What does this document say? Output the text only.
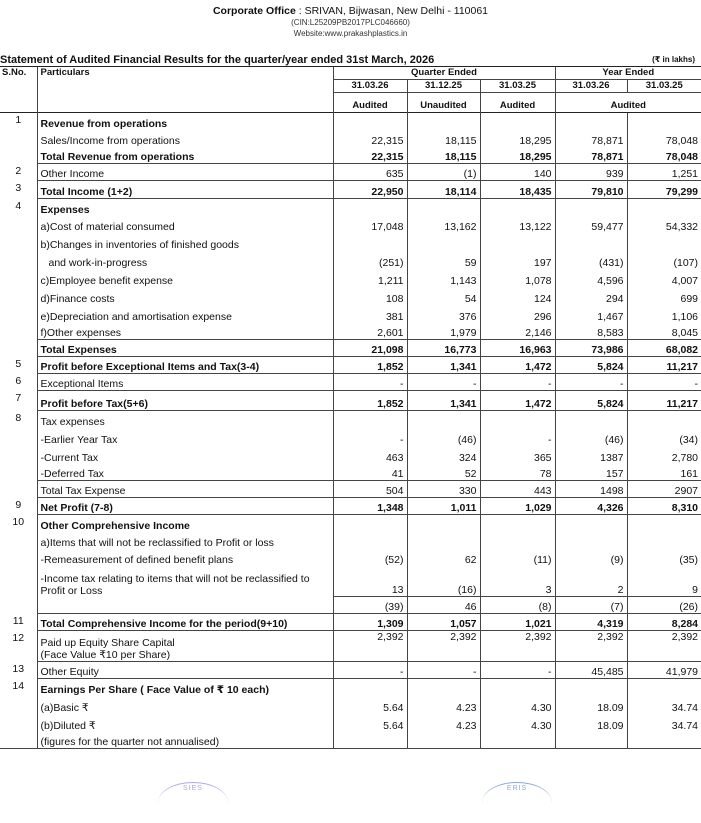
Corporate Office : SRIVAN, Bijwasan, New Delhi - 110061
(CIN:L25209PB2017PLC046660)
Website:www.prakashplastics.in
Statement of Audited Financial Results for the quarter/year ended 31st March, 2026	(₹ in lakhs)
S.No.	Particulars	Quarter Ended			Year Ended	
		31.03.26	31.12.25	31.03.25	31.03.26	31.03.25
		Audited	Unaudited	Audited	Audited	
1	Revenue from operations					
	Sales/Income from operations	22,315	18,115	18,295	78,871	78,048
	Total Revenue from operations	22,315	18,115	18,295	78,871	78,048
2	Other Income	635	(1)	140	939	1,251
3	Total Income (1+2)	22,950	18,114	18,435	79,810	79,299
4	Expenses					
	a)Cost of material consumed	17,048	13,162	13,122	59,477	54,332
	b)Changes in inventories of finished goods					
	and work-in-progress	(251)	59	197	(431)	(107)
	c)Employee benefit expense	1,211	1,143	1,078	4,596	4,007
	d)Finance costs	108	54	124	294	699
	e)Depreciation and amortisation expense	381	376	296	1,467	1,106
	f)Other expenses	2,601	1,979	2,146	8,583	8,045
	Total Expenses	21,098	16,773	16,963	73,986	68,082
5	Profit before Exceptional Items and Tax(3-4)	1,852	1,341	1,472	5,824	11,217
6	Exceptional Items	-	-	-	-	-
7	Profit before Tax(5+6)	1,852	1,341	1,472	5,824	11,217
8	Tax expenses					
	-Earlier Year Tax	-	(46)	-	(46)	(34)
	-Current Tax	463	324	365	1387	2,780
	-Deferred Tax	41	52	78	157	161
	Total Tax Expense	504	330	443	1498	2907
9	Net Profit (7-8)	1,348	1,011	1,029	4,326	8,310
10	Other Comprehensive Income					
	a)Items that will not be reclassified to Profit or loss					
	-Remeasurement of defined benefit plans	(52)	62	(11)	(9)	(35)
	-Income tax relating to items that will not be reclassified to Profit or Loss	13	(16)	3	2	9
		(39)	46	(8)	(7)	(26)
11	Total Comprehensive Income for the period(9+10)	1,309	1,057	1,021	4,319	8,284
12	Paid up Equity Share Capital
(Face Value ₹10 per Share)	2,392	2,392	2,392	2,392	2,392
13	Other Equity	-	-	-	45,485	41,979
14	Earnings Per Share ( Face Value of ₹ 10 each)					
	(a)Basic ₹	5.64	4.23	4.30	18.09	34.74
	(b)Diluted ₹	5.64	4.23	4.30	18.09	34.74
	(figures for the quarter not annualised)					
SIES	ERIS
